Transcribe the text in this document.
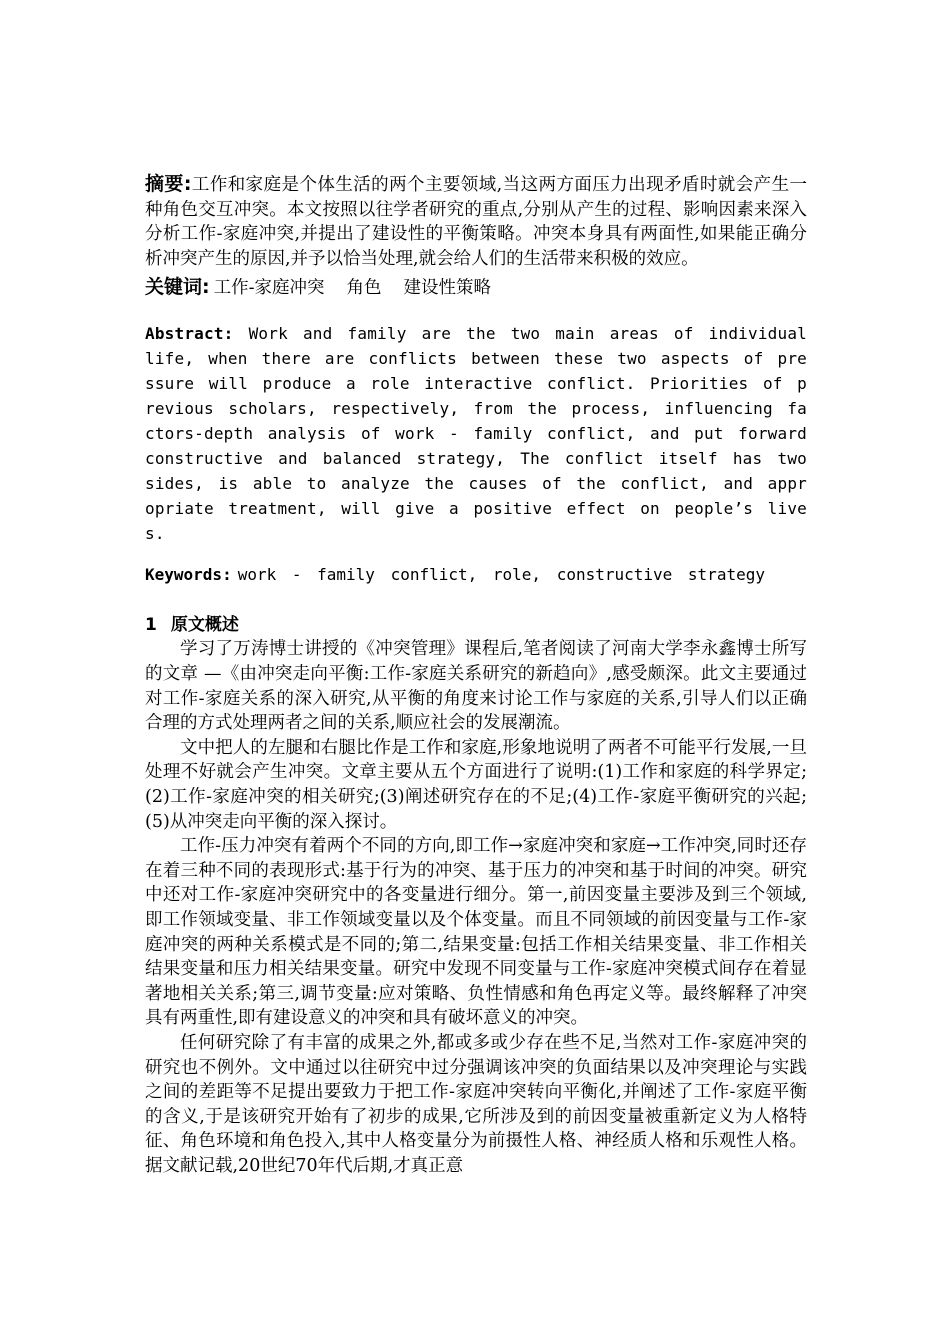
摘要:工作和家庭是个体生活的两个主要领域,当这两方面压力出现矛盾时就会产生一种角色交互冲突。本文按照以往学者研究的重点,分别从产生的过程、影响因素来深入分析工作-家庭冲突,并提出了建设性的平衡策略。冲突本身具有两面性,如果能正确分析冲突产生的原因,并予以恰当处理,就会给人们的生活带来积极的效应。

关键词: 工作-家庭冲突 角色 建设性策略

Abstract: Work and family are the two main areas of individual life, when there are conflicts between these two aspects of pressure will produce a role interactive conflict. Priorities of previous scholars, respectively, from the process, influencing factors-depth analysis of work - family conflict, and put forward constructive and balanced strategy, The conflict itself has two sides, is able to analyze the causes of the conflict, and appropriate treatment, will give a positive effect on people’s lives.

Keywords: work - family conflict, role, constructive strategy

1 原文概述

学习了万涛博士讲授的《冲突管理》课程后,笔者阅读了河南大学李永鑫博士所写的文章 —《由冲突走向平衡:工作-家庭关系研究的新趋向》,感受颇深。此文主要通过对工作-家庭关系的深入研究,从平衡的角度来讨论工作与家庭的关系,引导人们以正确合理的方式处理两者之间的关系,顺应社会的发展潮流。

文中把人的左腿和右腿比作是工作和家庭,形象地说明了两者不可能平行发展,一旦处理不好就会产生冲突。文章主要从五个方面进行了说明:(1)工作和家庭的科学界定;(2)工作-家庭冲突的相关研究;(3)阐述研究存在的不足;(4)工作-家庭平衡研究的兴起; (5)从冲突走向平衡的深入探讨。

工作-压力冲突有着两个不同的方向,即工作→家庭冲突和家庭→工作冲突,同时还存在着三种不同的表现形式:基于行为的冲突、基于压力的冲突和基于时间的冲突。研究中还对工作-家庭冲突研究中的各变量进行细分。第一,前因变量主要涉及到三个领域,即工作领域变量、非工作领域变量以及个体变量。而且不同领域的前因变量与工作-家庭冲突的两种关系模式是不同的;第二,结果变量:包括工作相关结果变量、非工作相关结果变量和压力相关结果变量。研究中发现不同变量与工作-家庭冲突模式间存在着显著地相关关系;第三,调节变量:应对策略、负性情感和角色再定义等。最终解释了冲突具有两重性,即有建设意义的冲突和具有破坏意义的冲突。

任何研究除了有丰富的成果之外,都或多或少存在些不足,当然对工作-家庭冲突的研究也不例外。文中通过以往研究中过分强调该冲突的负面结果以及冲突理论与实践之间的差距等不足提出要致力于把工作-家庭冲突转向平衡化,并阐述了工作-家庭平衡的含义,于是该研究开始有了初步的成果,它所涉及到的前因变量被重新定义为人格特征、角色环境和角色投入,其中人格变量分为前摄性人格、神经质人格和乐观性人格。据文献记载,20世纪70年代后期,才真正意
